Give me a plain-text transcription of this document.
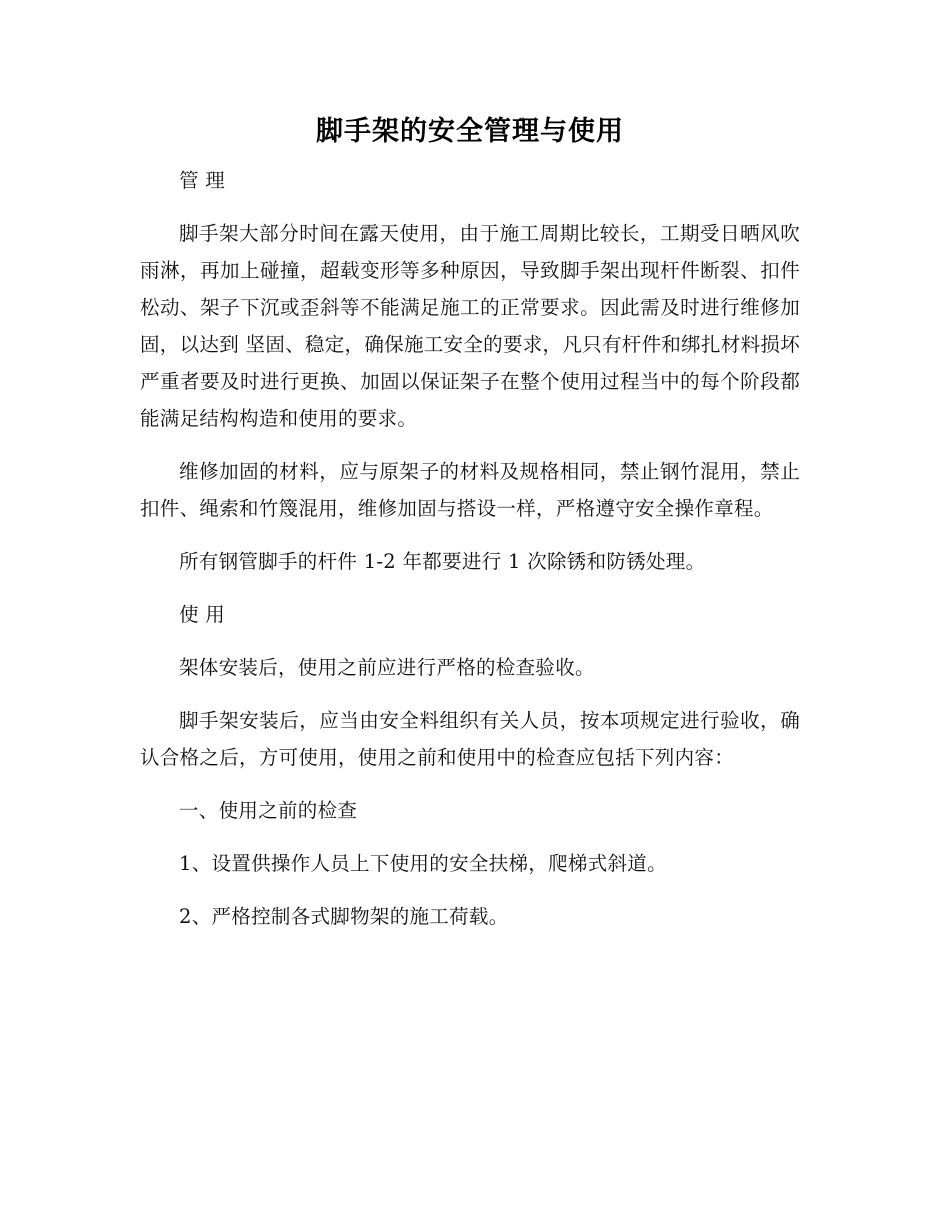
脚手架的安全管理与使用

管 理

脚手架大部分时间在露天使用，由于施工周期比较长，工期受日晒风吹雨淋，再加上碰撞，超载变形等多种原因，导致脚手架出现杆件断裂、扣件松动、架子下沉或歪斜等不能满足施工的正常要求。因此需及时进行维修加固，以达到 坚固、稳定，确保施工安全的要求，凡只有杆件和绑扎材料损坏严重者要及时进行更换、加固以保证架子在整个使用过程当中的每个阶段都能满足结构构造和使用的要求。

维修加固的材料，应与原架子的材料及规格相同，禁止钢竹混用，禁止扣件、绳索和竹篾混用，维修加固与搭设一样，严格遵守安全操作章程。

所有钢管脚手的杆件 1-2 年都要进行 1 次除锈和防锈处理。

使 用

架体安装后，使用之前应进行严格的检查验收。

脚手架安装后，应当由安全料组织有关人员，按本项规定进行验收，确认合格之后，方可使用，使用之前和使用中的检查应包括下列内容：

一、使用之前的检查

1、设置供操作人员上下使用的安全扶梯，爬梯式斜道。

2、严格控制各式脚物架的施工荷载。
